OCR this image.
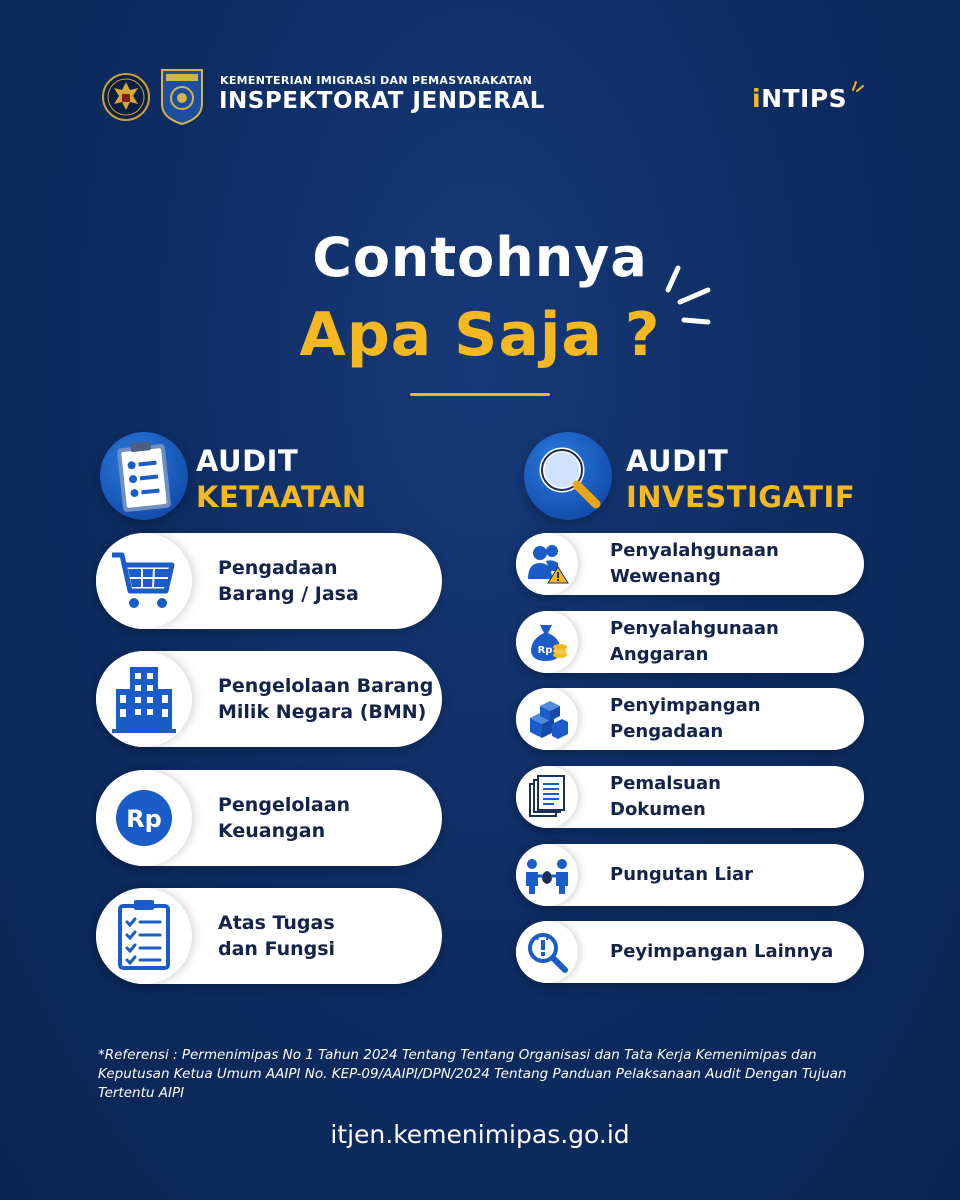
KEMENTERIAN IMIGRASI DAN PEMASYARAKATAN
INSPEKTORAT JENDERAL	iNTIPS
Contohnya
Apa Saja ?
AUDIT
KETAATAN
AUDIT
INVESTIGATIF
Pengadaan
Barang / Jasa
Pengelolaan Barang
Milik Negara (BMN)
Rp	Pengelolaan
Keuangan
Atas Tugas
dan Fungsi
Penyalahgunaan
Wewenang
Rp
Penyalahgunaan
Anggaran
Penyimpangan
Pengadaan
Pemalsuan
Dokumen
Pungutan Liar
Peyimpangan Lainnya
*Referensi : Permenimipas No 1 Tahun 2024 Tentang Tentang Organisasi dan Tata Kerja Kemenimipas dan Keputusan Ketua Umum AAIPI No. KEP-09/AAIPI/DPN/2024 Tentang Panduan Pelaksanaan Audit Dengan Tujuan Tertentu AIPI
itjen.kemenimipas.go.id
